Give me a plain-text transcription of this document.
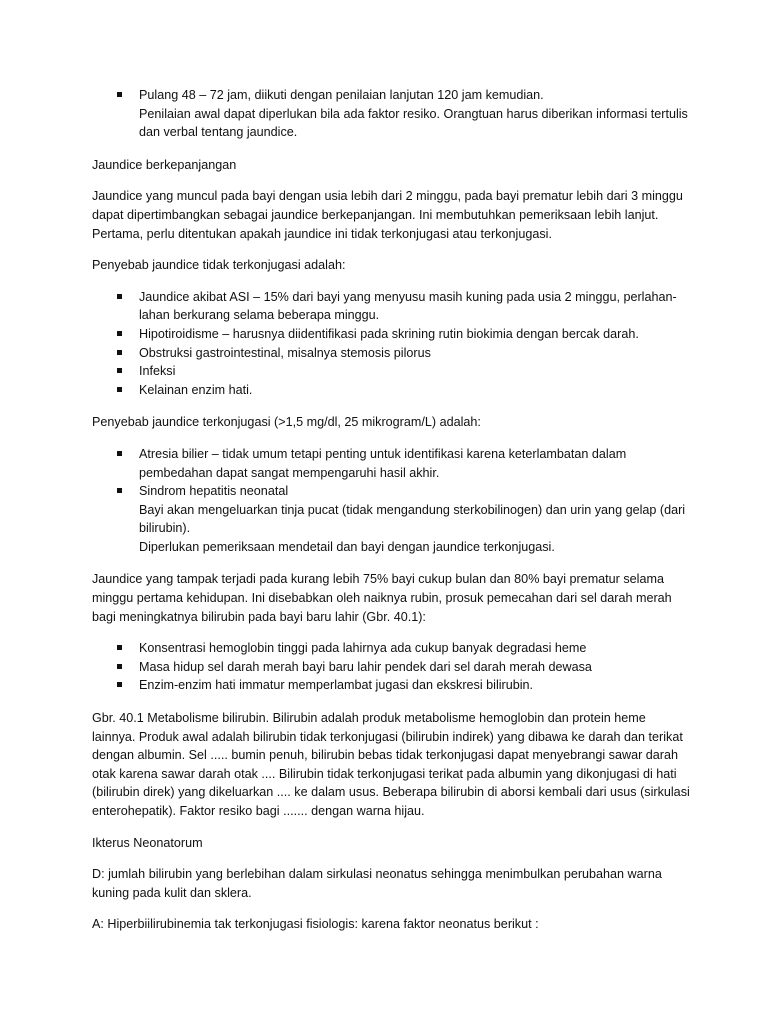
Pulang 48 – 72 jam, diikuti dengan penilaian lanjutan 120 jam kemudian.
Penilaian awal dapat diperlukan bila ada faktor resiko. Orangtuan harus diberikan informasi tertulis dan verbal tentang jaundice.

Jaundice berkepanjangan

Jaundice yang muncul pada bayi dengan usia lebih dari 2 minggu, pada bayi prematur lebih dari 3 minggu dapat dipertimbangkan sebagai jaundice berkepanjangan. Ini membutuhkan pemeriksaan lebih lanjut. Pertama, perlu ditentukan apakah jaundice ini tidak terkonjugasi atau terkonjugasi.

Penyebab jaundice tidak terkonjugasi adalah:

Jaundice akibat ASI – 15% dari bayi yang menyusu masih kuning pada usia 2 minggu, perlahan-lahan berkurang selama beberapa minggu.
Hipotiroidisme – harusnya diidentifikasi pada skrining rutin biokimia dengan bercak darah.
Obstruksi gastrointestinal, misalnya stemosis pilorus
Infeksi
Kelainan enzim hati.

Penyebab jaundice terkonjugasi (>1,5 mg/dl, 25 mikrogram/L) adalah:

Atresia bilier – tidak umum tetapi penting untuk identifikasi karena keterlambatan dalam pembedahan dapat sangat mempengaruhi hasil akhir.
Sindrom hepatitis neonatal
Bayi akan mengeluarkan tinja pucat (tidak mengandung sterkobilinogen) dan urin yang gelap (dari bilirubin).
Diperlukan pemeriksaan mendetail dan bayi dengan jaundice terkonjugasi.

Jaundice yang tampak terjadi pada kurang lebih 75% bayi cukup bulan dan 80% bayi prematur selama minggu pertama kehidupan. Ini disebabkan oleh naiknya rubin, prosuk pemecahan dari sel darah merah bagi meningkatnya bilirubin pada bayi baru lahir (Gbr. 40.1):

Konsentrasi hemoglobin tinggi pada lahirnya ada cukup banyak degradasi heme
Masa hidup sel darah merah bayi baru lahir pendek dari sel darah merah dewasa
Enzim-enzim hati immatur memperlambat jugasi dan ekskresi bilirubin.

Gbr. 40.1 Metabolisme bilirubin. Bilirubin adalah produk metabolisme hemoglobin dan protein heme lainnya. Produk awal adalah bilirubin tidak terkonjugasi (bilirubin indirek) yang dibawa ke darah dan terikat dengan albumin. Sel ..... bumin penuh, bilirubin bebas tidak terkonjugasi dapat menyebrangi sawar darah otak karena sawar darah otak .... Bilirubin tidak terkonjugasi terikat pada albumin yang dikonjugasi di hati (bilirubin direk) yang dikeluarkan .... ke dalam usus. Beberapa bilirubin di aborsi kembali dari usus (sirkulasi enterohepatik). Faktor resiko bagi ....... dengan warna hijau.

Ikterus Neonatorum

D: jumlah bilirubin yang berlebihan dalam sirkulasi neonatus sehingga menimbulkan perubahan warna kuning pada kulit dan sklera.

A: Hiperbiilirubinemia tak terkonjugasi fisiologis: karena faktor neonatus berikut :
